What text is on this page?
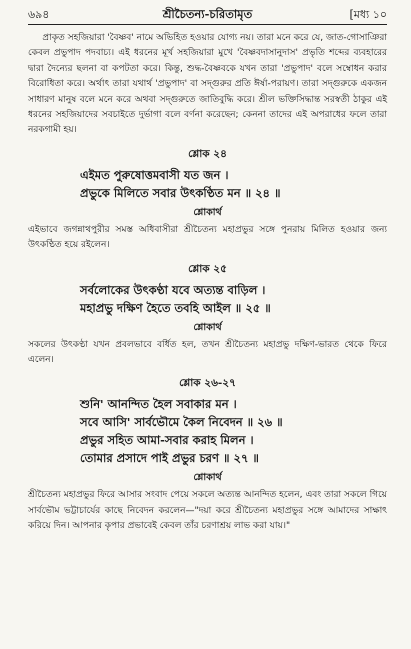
৬৯৪	শ্রীচৈতন্য-চরিতামৃত	[মধ্য ১০

প্রাকৃত সহজিয়ারা 'বৈষ্ণব' নামে অভিহিত হওয়ার যোগ্য নয়। তারা মনে করে যে, জাত-গোসাঞিরা কেবল প্রভুপাদ পদবাচ্য। এই ধরনের মূর্খ সহজিয়ারা মুখে 'বৈষ্ণবদাসানুদাস' প্রভৃতি শব্দের ব্যবহারের দ্বারা দৈন্যের ছলনা বা কপটতা করে। কিন্তু, শুদ্ধ-বৈষ্ণবকে যখন তারা 'প্রভুপাদ' বলে সম্বোধন করার বিরোধিতা করে। অর্থাৎ তারা যথার্থ 'প্রভুপাদ' বা সদ্গুরুর প্রতি ঈর্ষা-পরায়ণ। তারা সদ্গুরুকে একজন সাধারণ মানুষ বলে মনে করে অথবা সদ্গুরুতে জাতিবুদ্ধি করে। শ্রীল ভক্তিসিদ্ধান্ত সরস্বতী ঠাকুর এই ধরনের সহজিয়াদের সবচাইতে দুর্ভাগা বলে বর্ণনা করেছেন; কেননা তাদের এই অপরাধের ফলে তারা নরকগামী হয়।

শ্লোক ২৪
এইমত পুরুষোত্তমবাসী যত জন ।
প্রভুকে মিলিতে সবার উৎকণ্ঠিত মন ॥ ২৪ ॥
শ্লোকার্থ

এইভাবে জগন্নাথপুরীর সমস্ত অধিবাসীরা শ্রীচৈতন্য মহাপ্রভুর সঙ্গে পুনরায় মিলিত হওয়ার জন্য উৎকণ্ঠিত হয়ে রইলেন।

শ্লোক ২৫
সর্বলোকের উৎকণ্ঠা যবে অত্যন্ত বাড়িল ।
মহাপ্রভু দক্ষিণ হৈতে তবহি আইল ॥ ২৫ ॥
শ্লোকার্থ

সকলের উৎকণ্ঠা যখন প্রবলভাবে বর্ধিত হল, তখন শ্রীচৈতন্য মহাপ্রভু দক্ষিণ-ভারত থেকে ফিরে এলেন।

শ্লোক ২৬-২৭
শুনি' আনন্দিত হৈল সবাকার মন ।
সবে আসি' সার্বভৌমে কৈল নিবেদন ॥ ২৬ ॥
প্রভুর সহিত আমা-সবার করাহ মিলন ।
তোমার প্রসাদে পাই প্রভুর চরণ ॥ ২৭ ॥
শ্লোকার্থ

শ্রীচৈতন্য মহাপ্রভুর ফিরে আসার সংবাদ পেয়ে সকলে অত্যন্ত আনন্দিত হলেন, এবং তারা সকলে গিয়ে সার্বভৌম ভট্টাচার্যের কাছে নিবেদন করলেন—"দয়া করে শ্রীচৈতন্য মহাপ্রভুর সঙ্গে আমাদের সাক্ষাৎ করিয়ে দিন। আপনার কৃপার প্রভাবেই কেবল তাঁর চরণাশ্রয় লাভ করা যায়।"
